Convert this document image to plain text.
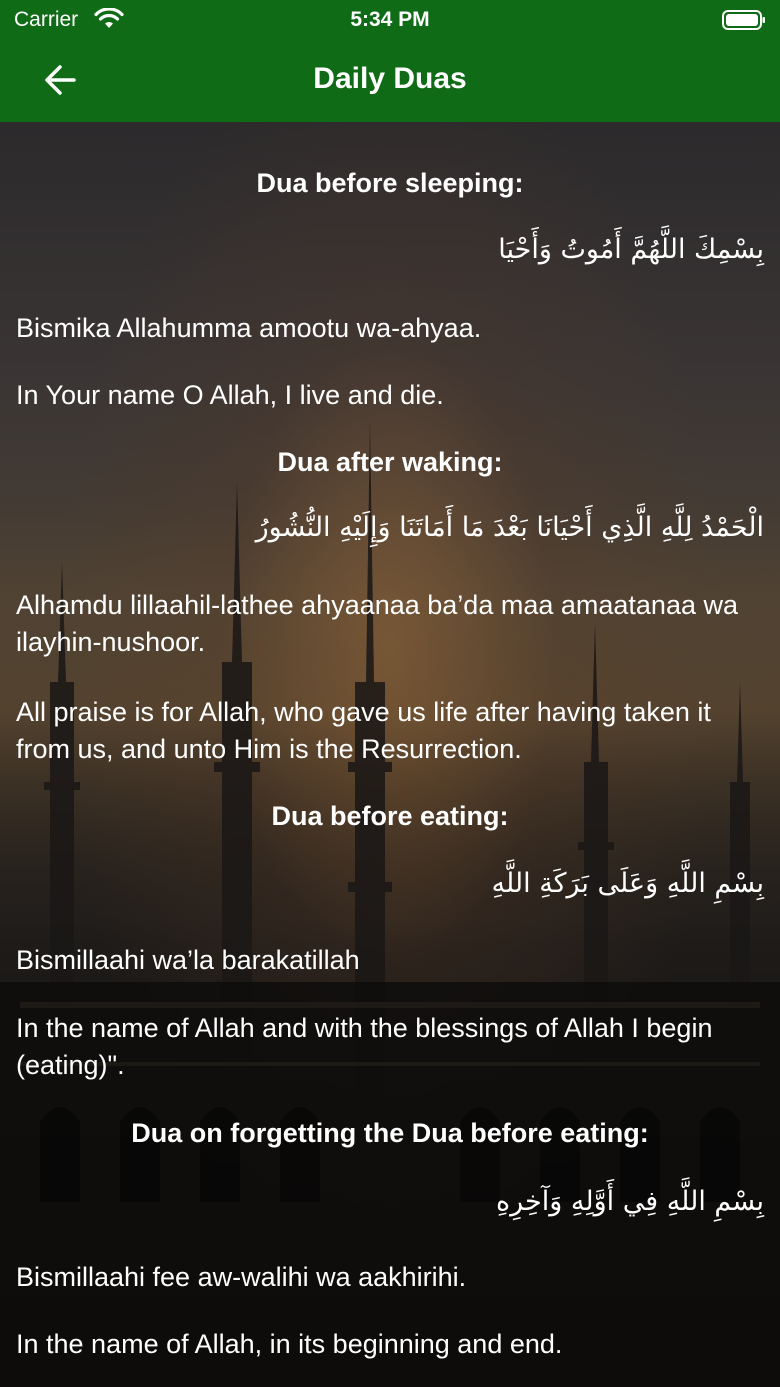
Carrier	5:34 PM
Daily Duas
Dua before sleeping:
بِسْمِكَ اللَّهُمَّ أَمُوتُ وَأَحْيَا
Bismika Allahumma amootu wa-ahyaa.
In Your name O Allah, I live and die.
Dua after waking:
الْحَمْدُ لِلَّهِ الَّذِي أَحْيَانَا بَعْدَ مَا أَمَاتَنَا وَإِلَيْهِ النُّشُورُ
Alhamdu lillaahil-lathee ahyaanaa ba’da maa amaatanaa wa ilayhin-nushoor.
All praise is for Allah, who gave us life after having taken it from us, and unto Him is the Resurrection.
Dua before eating:
بِسْمِ اللَّهِ وَعَلَى بَرَكَةِ اللَّهِ
Bismillaahi wa’la barakatillah
In the name of Allah and with the blessings of Allah I begin (eating)".
Dua on forgetting the Dua before eating:
بِسْمِ اللَّهِ فِي أَوَّلِهِ وَآخِرِهِ
Bismillaahi fee aw-walihi wa aakhirihi.
In the name of Allah, in its beginning and end.
